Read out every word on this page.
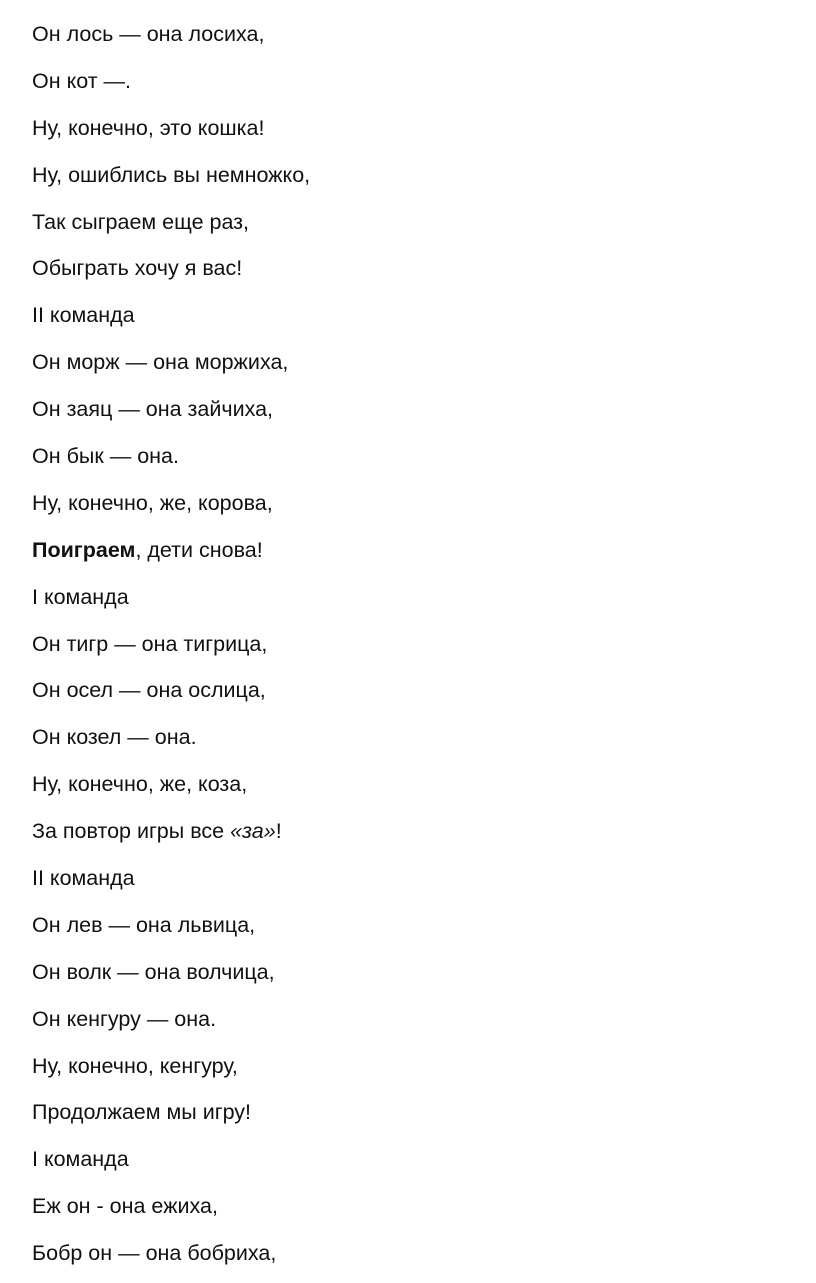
Он лось — она лосиха,
Он кот —.
Ну, конечно, это кошка!
Ну, ошиблись вы немножко,
Так сыграем еще раз,
Обыграть хочу я вас!
II команда
Он морж — она моржиха,
Он заяц — она зайчиха,
Он бык — она.
Ну, конечно, же, корова,
Поиграем, дети снова!
I команда
Он тигр — она тигрица,
Он осел — она ослица,
Он козел — она.
Ну, конечно, же, коза,
За повтор игры все «за»!
II команда
Он лев — она львица,
Он волк — она волчица,
Он кенгуру — она.
Ну, конечно, кенгуру,
Продолжаем мы игру!
I команда
Еж он - она ежиха,
Бобр он — она бобриха,
